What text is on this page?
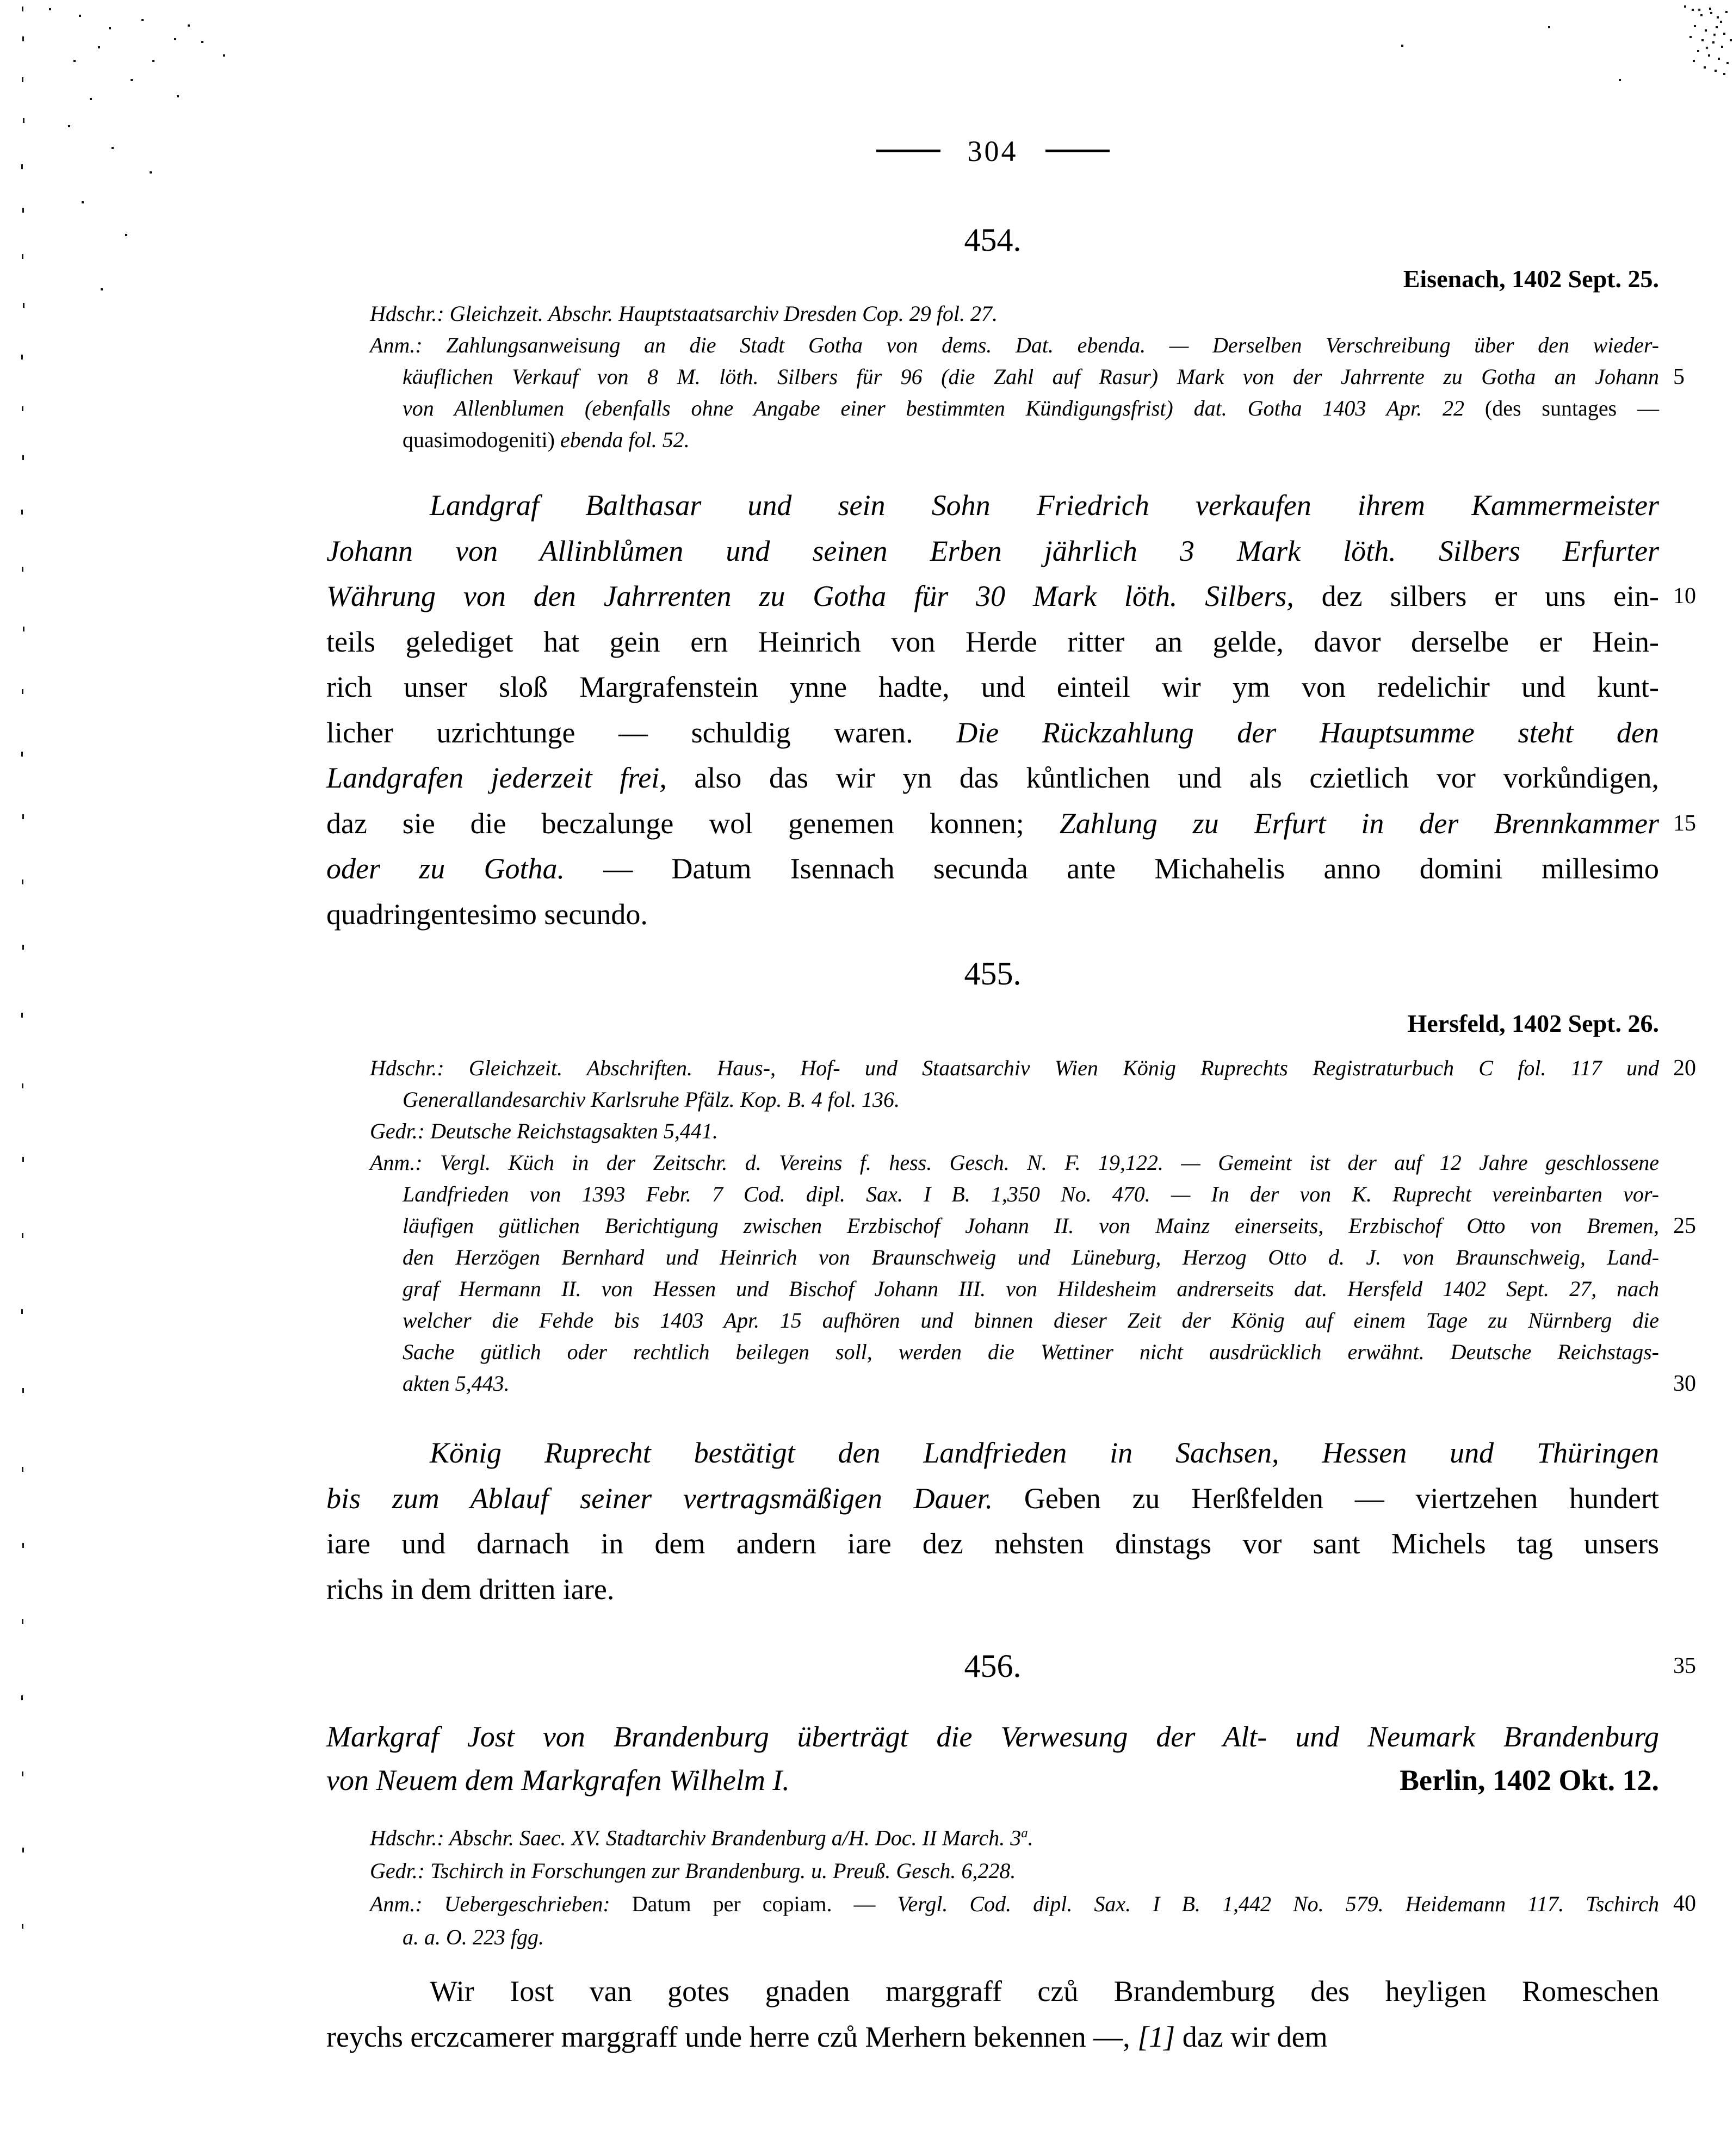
304
454.
Eisenach, 1402 Sept. 25.
Hdschr.: Gleichzeit. Abschr. Hauptstaatsarchiv Dresden Cop. 29 fol. 27.
Anm.: Zahlungsanweisung an die Stadt Gotha von dems. Dat. ebenda. — Derselben Verschreibung über den wieder-
käuflichen Verkauf von 8 M. löth. Silbers für 96 (die Zahl auf Rasur) Mark von der Jahrrente zu Gotha an Johann 5
von Allenblumen (ebenfalls ohne Angabe einer bestimmten Kündigungsfrist) dat. Gotha 1403 Apr. 22 (des suntages —
quasimodogeniti) ebenda fol. 52.
Landgraf Balthasar und sein Sohn Friedrich verkaufen ihrem Kammermeister
Johann von Allinblůmen und seinen Erben jährlich 3 Mark löth. Silbers Erfurter
Währung von den Jahrrenten zu Gotha für 30 Mark löth. Silbers, dez silbers er uns ein- 10
teils gelediget hat gein ern Heinrich von Herde ritter an gelde, davor derselbe er Hein-
rich unser sloß Margrafenstein ynne hadte, und einteil wir ym von redelichir und kunt-
licher uzrichtunge — schuldig waren. Die Rückzahlung der Hauptsumme steht den
Landgrafen jederzeit frei, also das wir yn das kůntlichen und als czietlich vor vorkůndigen,
daz sie die beczalunge wol genemen konnen; Zahlung zu Erfurt in der Brennkammer 15
oder zu Gotha. — Datum Isennach secunda ante Michahelis anno domini millesimo
quadringentesimo secundo.
455.
Hersfeld, 1402 Sept. 26.
Hdschr.: Gleichzeit. Abschriften. Haus-, Hof- und Staatsarchiv Wien König Ruprechts Registraturbuch C fol. 117 und 20
Generallandesarchiv Karlsruhe Pfälz. Kop. B. 4 fol. 136.
Gedr.: Deutsche Reichstagsakten 5,441.
Anm.: Vergl. Küch in der Zeitschr. d. Vereins f. hess. Gesch. N. F. 19,122. — Gemeint ist der auf 12 Jahre geschlossene
Landfrieden von 1393 Febr. 7 Cod. dipl. Sax. I B. 1,350 No. 470. — In der von K. Ruprecht vereinbarten vor-
läufigen gütlichen Berichtigung zwischen Erzbischof Johann II. von Mainz einerseits, Erzbischof Otto von Bremen, 25
den Herzögen Bernhard und Heinrich von Braunschweig und Lüneburg, Herzog Otto d. J. von Braunschweig, Land-
graf Hermann II. von Hessen und Bischof Johann III. von Hildesheim andrerseits dat. Hersfeld 1402 Sept. 27, nach
welcher die Fehde bis 1403 Apr. 15 aufhören und binnen dieser Zeit der König auf einem Tage zu Nürnberg die
Sache gütlich oder rechtlich beilegen soll, werden die Wettiner nicht ausdrücklich erwähnt. Deutsche Reichstags-
akten 5,443.	30
König Ruprecht bestätigt den Landfrieden in Sachsen, Hessen und Thüringen
bis zum Ablauf seiner vertragsmäßigen Dauer. Geben zu Herßfelden — viertzehen hundert
iare und darnach in dem andern iare dez nehsten dinstags vor sant Michels tag unsers
richs in dem dritten iare.
456.	35
Markgraf Jost von Brandenburg überträgt die Verwesung der Alt- und Neumark Brandenburg
von Neuem dem Markgrafen Wilhelm I.	Berlin, 1402 Okt. 12.
Hdschr.: Abschr. Saec. XV. Stadtarchiv Brandenburg a/H. Doc. II March. 3$^a$.
Gedr.: Tschirch in Forschungen zur Brandenburg. u. Preuß. Gesch. 6,228.
Anm.: Uebergeschrieben: Datum per copiam. — Vergl. Cod. dipl. Sax. I B. 1,442 No. 579. Heidemann 117. Tschirch 40
a. a. O. 223 fgg.
Wir Iost van gotes gnaden marggraff czů Brandemburg des heyligen Romeschen
reychs erczcamerer marggraff unde herre czů Merhern bekennen —, [1] daz wir dem
